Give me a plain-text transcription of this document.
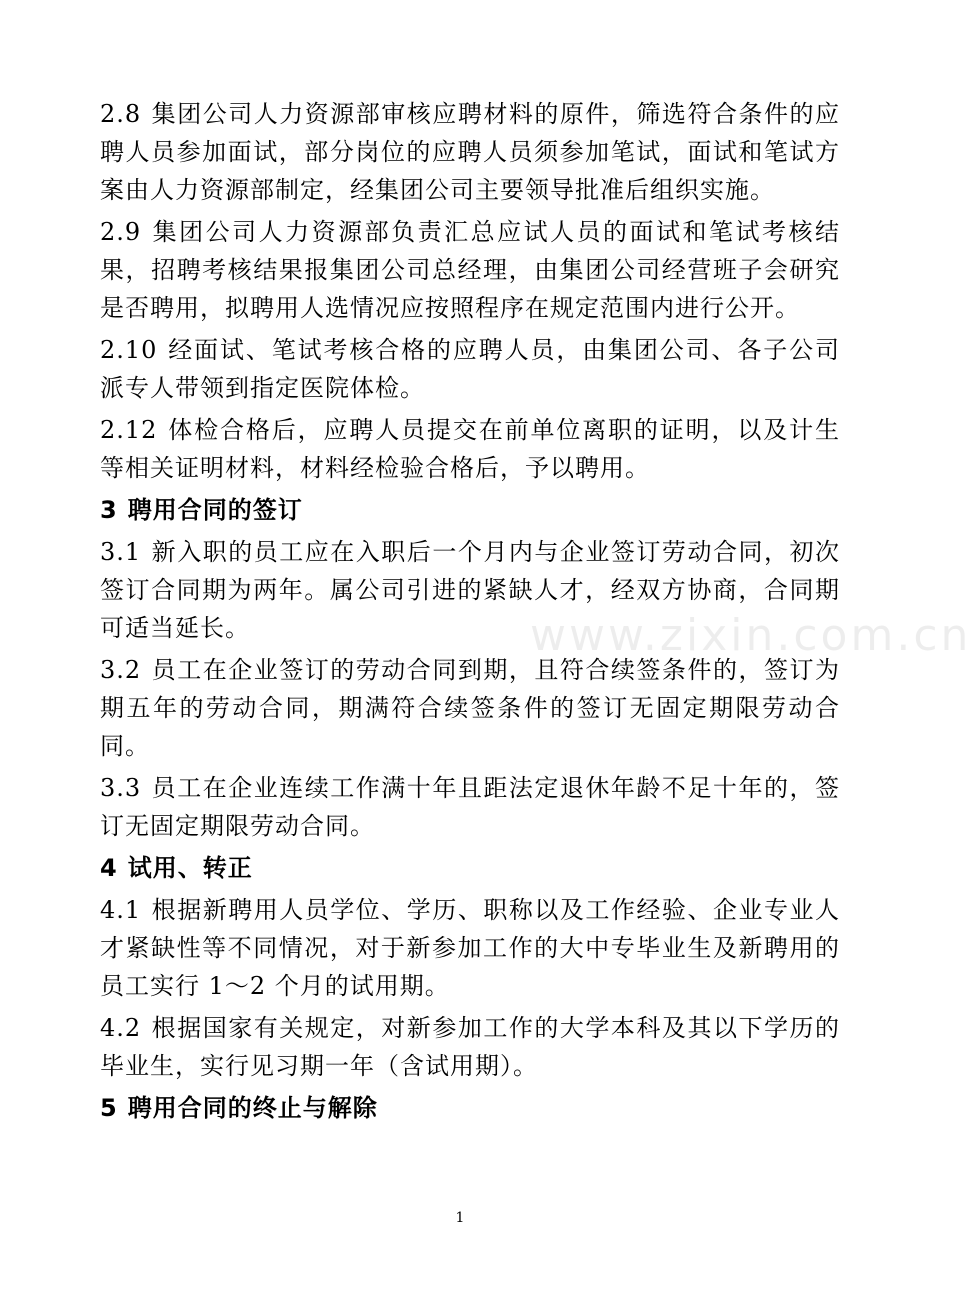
2.8 集团公司人力资源部审核应聘材料的原件，筛选符合条件的应聘人员参加面试，部分岗位的应聘人员须参加笔试，面试和笔试方案由人力资源部制定，经集团公司主要领导批准后组织实施。

2.9 集团公司人力资源部负责汇总应试人员的面试和笔试考核结果，招聘考核结果报集团公司总经理，由集团公司经营班子会研究是否聘用，拟聘用人选情况应按照程序在规定范围内进行公开。

2.10 经面试、笔试考核合格的应聘人员，由集团公司、各子公司派专人带领到指定医院体检。

2.12 体检合格后，应聘人员提交在前单位离职的证明，以及计生等相关证明材料，材料经检验合格后，予以聘用。

3 聘用合同的签订

3.1 新入职的员工应在入职后一个月内与企业签订劳动合同，初次签订合同期为两年。属公司引进的紧缺人才，经双方协商，合同期可适当延长。

3.2 员工在企业签订的劳动合同到期，且符合续签条件的，签订为期五年的劳动合同，期满符合续签条件的签订无固定期限劳动合同。

3.3 员工在企业连续工作满十年且距法定退休年龄不足十年的，签订无固定期限劳动合同。

4 试用、转正

4.1 根据新聘用人员学位、学历、职称以及工作经验、企业专业人才紧缺性等不同情况，对于新参加工作的大中专毕业生及新聘用的员工实行 1～2 个月的试用期。

4.2 根据国家有关规定，对新参加工作的大学本科及其以下学历的毕业生，实行见习期一年（含试用期）。

5 聘用合同的终止与解除

www.zixin.com.cn
1
